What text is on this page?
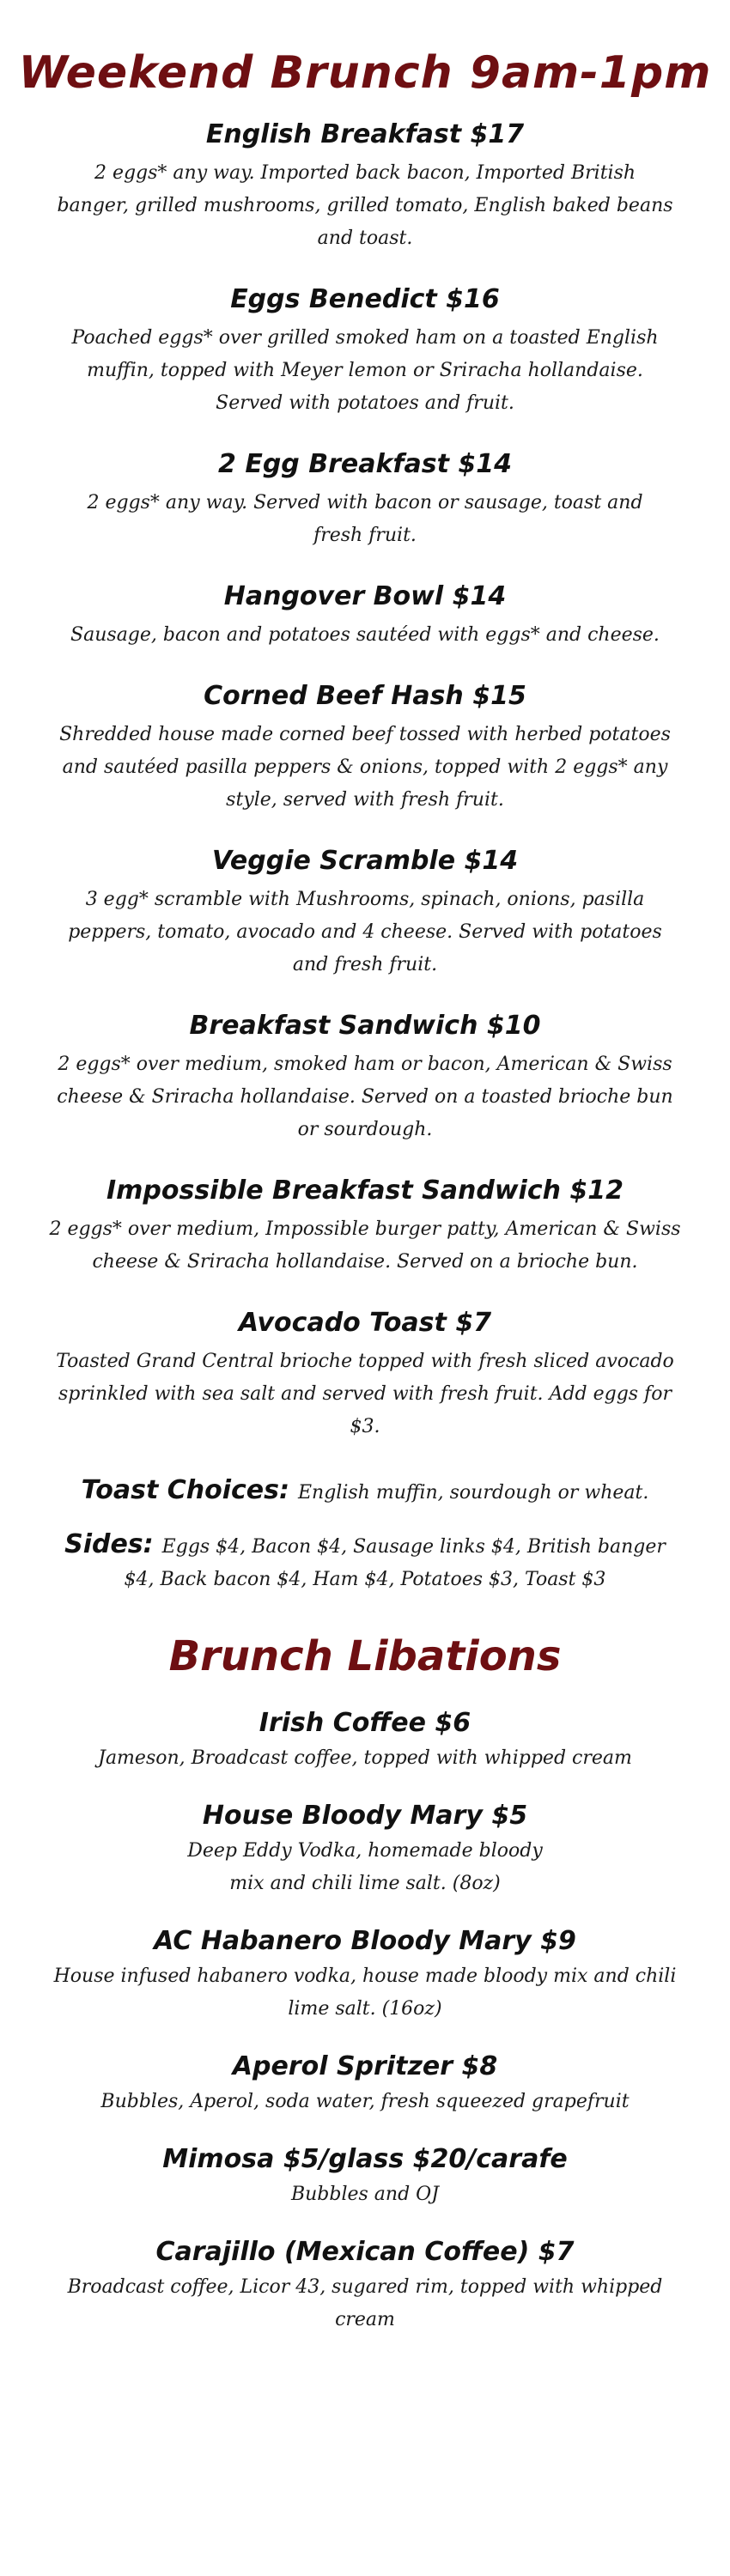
Weekend Brunch 9am-1pm

English Breakfast $17

2 eggs* any way. Imported back bacon, Imported British banger, grilled mushrooms, grilled tomato, English baked beans and toast.

Eggs Benedict $16

Poached eggs* over grilled smoked ham on a toasted English muffin, topped with Meyer lemon or Sriracha hollandaise. Served with potatoes and fruit.

2 Egg Breakfast $14

2 eggs* any way. Served with bacon or sausage, toast and fresh fruit.

Hangover Bowl $14

Sausage, bacon and potatoes sautéed with eggs* and cheese.

Corned Beef Hash $15

Shredded house made corned beef tossed with herbed potatoes and sautéed pasilla peppers & onions, topped with 2 eggs* any style, served with fresh fruit.

Veggie Scramble $14

3 egg* scramble with Mushrooms, spinach, onions, pasilla peppers, tomato, avocado and 4 cheese. Served with potatoes and fresh fruit.

Breakfast Sandwich $10

2 eggs* over medium, smoked ham or bacon, American & Swiss cheese & Sriracha hollandaise. Served on a toasted brioche bun or sourdough.

Impossible Breakfast Sandwich $12

2 eggs* over medium, Impossible burger patty, American & Swiss cheese & Sriracha hollandaise. Served on a brioche bun.

Avocado Toast $7

Toasted Grand Central brioche topped with fresh sliced avocado sprinkled with sea salt and served with fresh fruit. Add eggs for $3.

Toast Choices: English muffin, sourdough or wheat.
Sides: Eggs $4, Bacon $4, Sausage links $4, British banger $4, Back bacon $4, Ham $4, Potatoes $3, Toast $3
Brunch Libations

Irish Coffee $6

Jameson, Broadcast coffee, topped with whipped cream

House Bloody Mary $5

Deep Eddy Vodka, homemade bloody mix and chili lime salt. (8oz)

AC Habanero Bloody Mary $9

House infused habanero vodka, house made bloody mix and chili lime salt. (16oz)

Aperol Spritzer $8

Bubbles, Aperol, soda water, fresh squeezed grapefruit

Mimosa $5/glass $20/carafe

Bubbles and OJ

Carajillo (Mexican Coffee) $7

Broadcast coffee, Licor 43, sugared rim, topped with whipped cream
